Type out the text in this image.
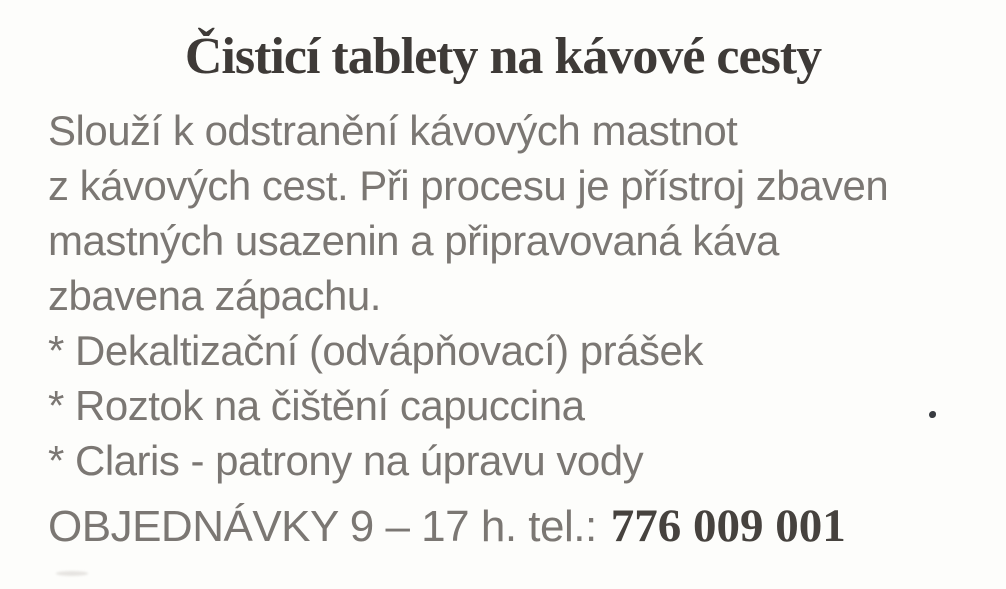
Čisticí tablety na kávové cesty
Slouží k odstranění kávových mastnot
z kávových cest. Při procesu je přístroj zbaven
mastných usazenin a připravovaná káva
zbavena zápachu.
* Dekaltizační (odvápňovací) prášek
* Roztok na čištění capuccina
* Claris - patrony na úpravu vody
OBJEDNÁVKY 9 – 17 h. tel.: 776 009 001
